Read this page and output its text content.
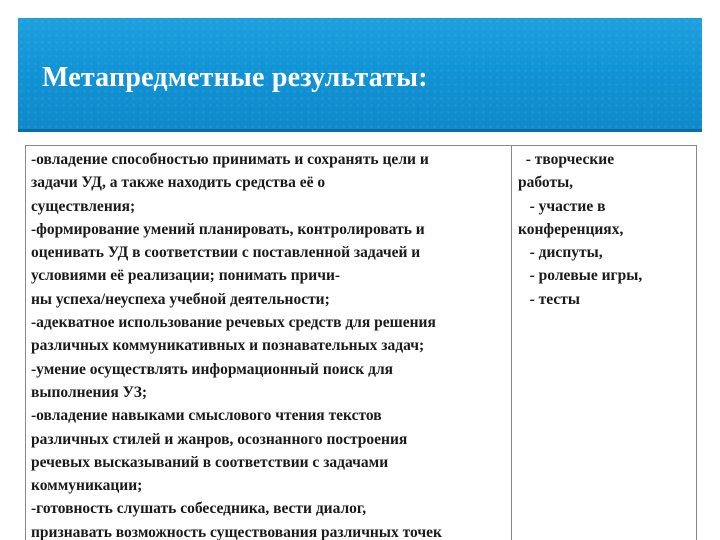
Метапредметные результаты:
-овладение способностью принимать и сохранять цели и
задачи УД, а также находить средства её о
существления;
-формирование умений планировать, контролировать и
оценивать УД в соответствии с поставленной задачей и
условиями её реализации; понимать причи-
ны успеха/неуспеха учебной деятельности;
-адекватное использование речевых средств для решения
различных коммуникативных и познавательных задач;
-умение осуществлять информационный поиск для
выполнения УЗ;
-овладение навыками смыслового чтения текстов
различных стилей и жанров, осознанного построения
речевых высказываний в соответствии с задачами
коммуникации;
-готовность слушать собеседника, вести диалог,
признавать возможность существования различных точек
- творческие
работы,
- участие в
конференциях,
- диспуты,
- ролевые игры,
- тесты
